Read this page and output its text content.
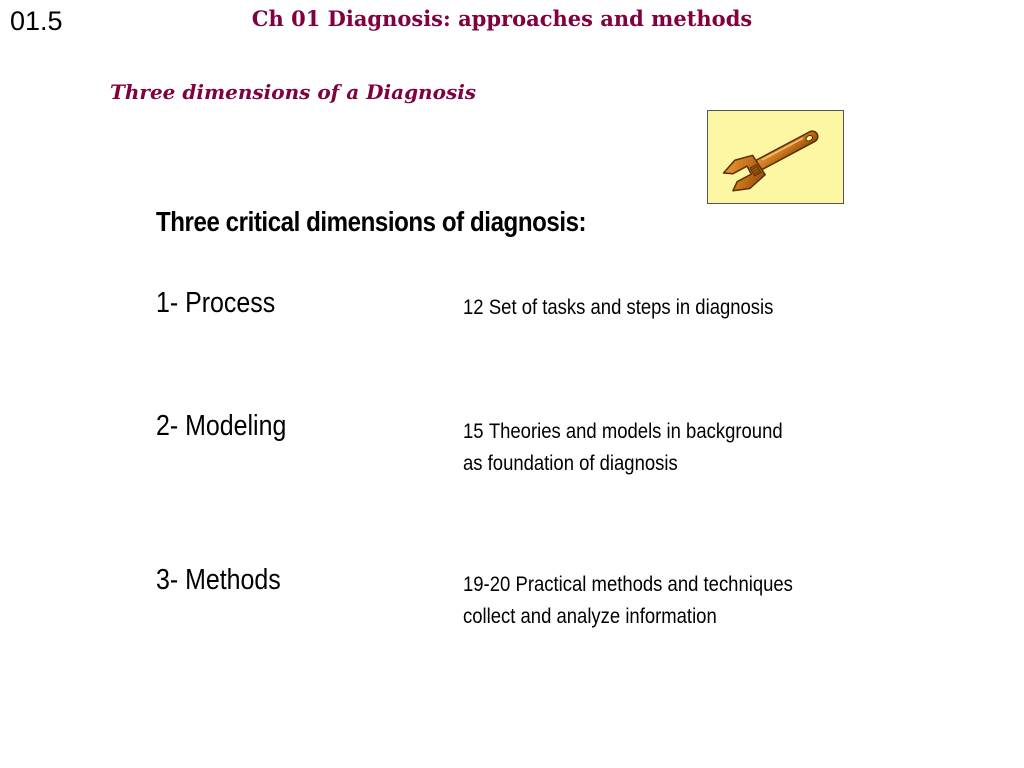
01.5	Ch 01 Diagnosis: approaches and methods
Three dimensions of a Diagnosis
Three critical dimensions of diagnosis:
1- Process	12 Set of tasks and steps in diagnosis
2- Modeling	15 Theories and models in background
as foundation of diagnosis
3- Methods	19-20 Practical methods and techniques
collect and analyze information
